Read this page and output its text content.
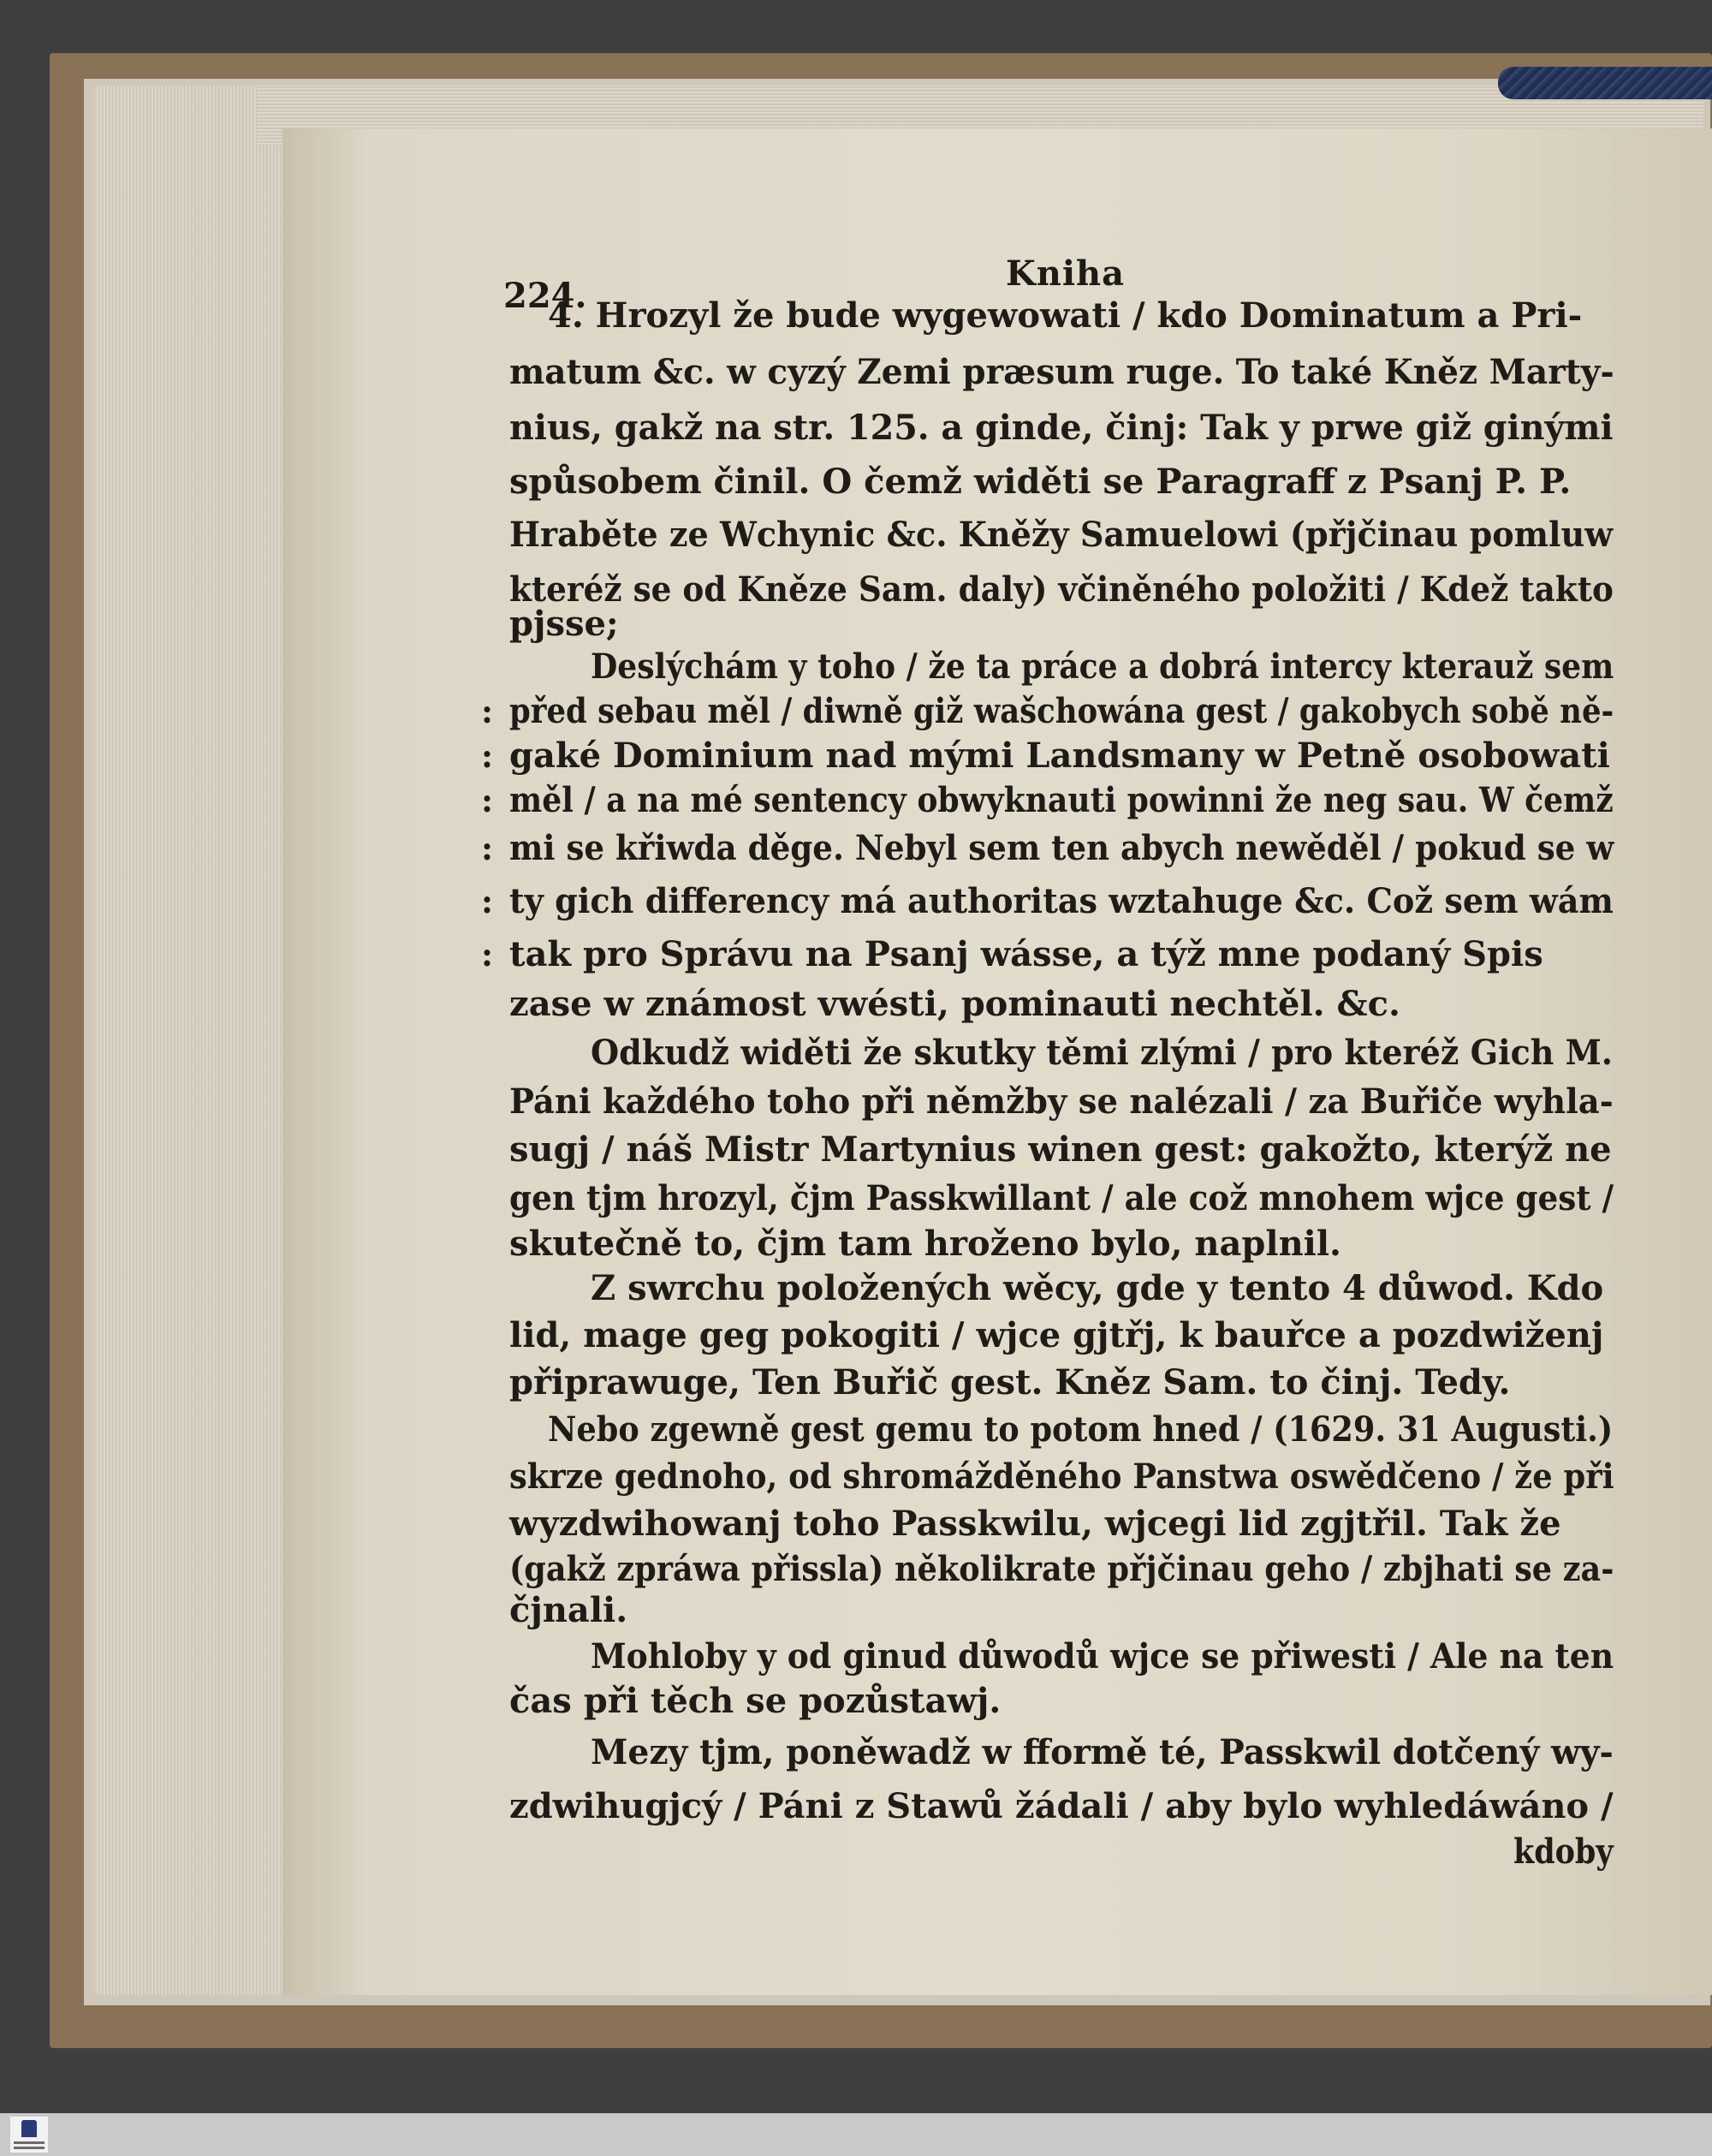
224.
Kniha
4. Hrozyl že bude wygewowati / kdo Dominatum a Pri-
matum &c. w cyzý Zemi præsum ruge. To také Kněz Marty-
nius, gakž na str. 125. a ginde, činj: Tak y prwe giž ginými
spůsobem činil. O čemž widěti se Paragraff z Psanj P. P.
Hraběte ze Wchynic &c. Kněžy Samuelowi (přjčinau pomluw
kteréž se od Kněze Sam. daly) včiněného položiti / Kdež takto
pjsse;
Deslýchám y toho / že ta práce a dobrá intercy kterauž sem
před sebau měl / diwně giž wašchowána gest / gakobych sobě ně-
gaké Dominium nad mými Landsmany w Petně osobowati
měl / a na mé sentency obwyknauti powinni že neg sau. W čemž
mi se křiwda děge. Nebyl sem ten abych newěděl / pokud se w
ty gich differency má authoritas wztahuge &c. Což sem wám
tak pro Správu na Psanj wásse, a týž mne podaný Spis
zase w známost vwésti, pominauti nechtěl. &c.
Odkudž widěti že skutky těmi zlými / pro kteréž Gich M.
Páni každého toho při němžby se nalézali / za Buřiče wyhla-
sugj / náš Mistr Martynius winen gest: gakožto, kterýž ne
gen tjm hrozyl, čjm Passkwillant / ale což mnohem wjce gest /
skutečně to, čjm tam hroženo bylo, naplnil.
Z swrchu položených wěcy, gde y tento 4 důwod. Kdo
lid, mage geg pokogiti / wjce gjtřj, k bauřce a pozdwiženj
připrawuge, Ten Buřič gest. Kněz Sam. to činj. Tedy.
Nebo zgewně gest gemu to potom hned / (1629. 31 Augusti.)
skrze gednoho, od shromážděného Panstwa oswědčeno / že při
wyzdwihowanj toho Passkwilu, wjcegi lid zgjtřil. Tak že
(gakž zpráwa přissla) několikrate přjčinau geho / zbjhati se za-
čjnali.
Mohloby y od ginud důwodů wjce se přiwesti / Ale na ten
čas při těch se pozůstawj.
Mezy tjm, poněwadž w fformě té, Passkwil dotčený wy-
zdwihugjcý / Páni z Stawů žádali / aby bylo wyhledáwáno /
kdoby
:
:
:
:
:
:
